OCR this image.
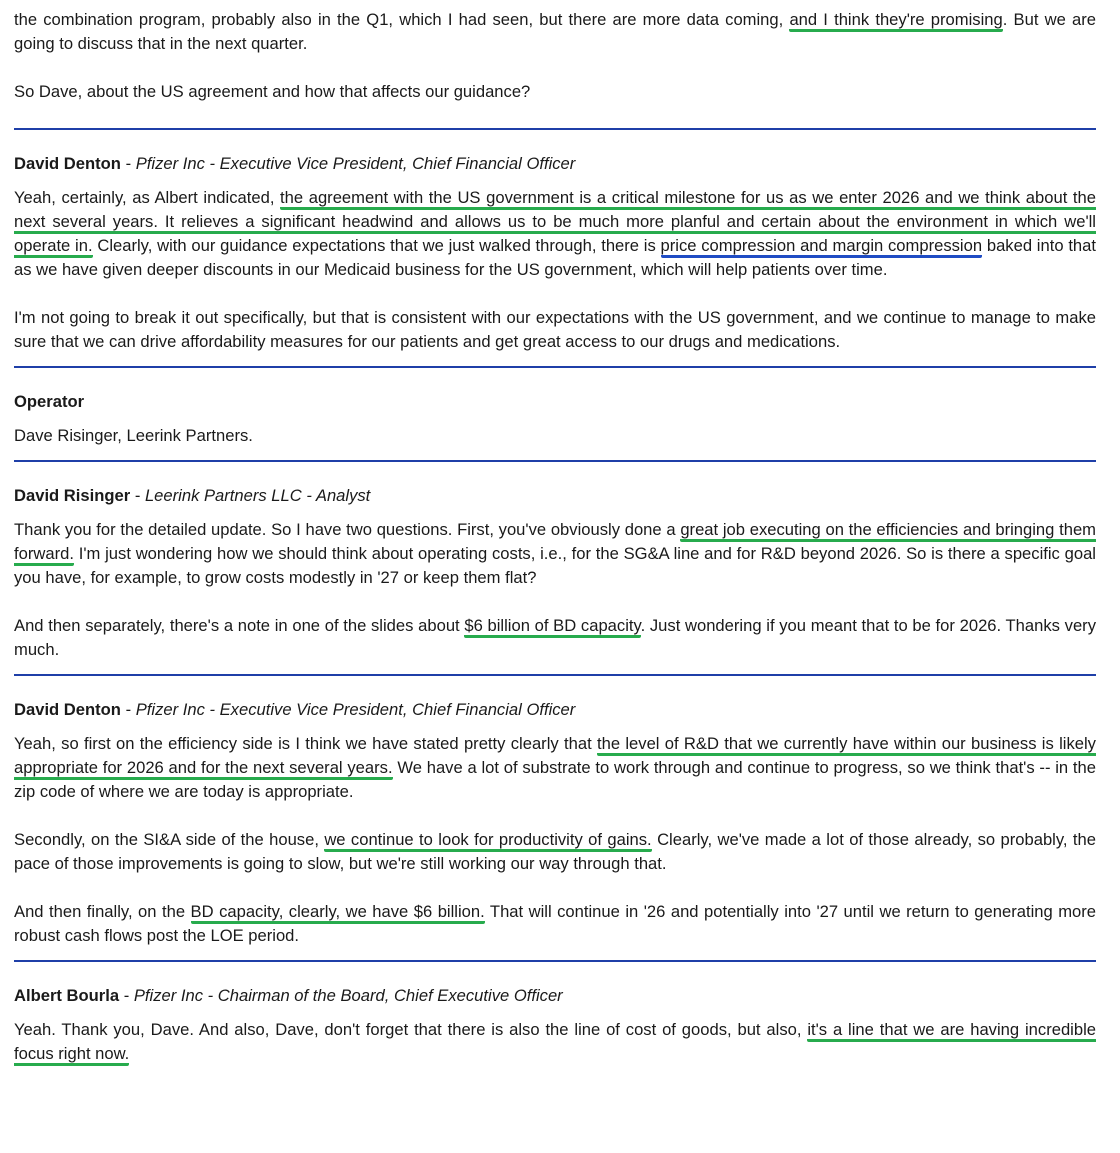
the combination program, probably also in the Q1, which I had seen, but there are more data coming, and I think they're promising. But we are going to discuss that in the next quarter.

So Dave, about the US agreement and how that affects our guidance?

David Denton - Pfizer Inc - Executive Vice President, Chief Financial Officer

Yeah, certainly, as Albert indicated, the agreement with the US government is a critical milestone for us as we enter 2026 and we think about the next several years. It relieves a significant headwind and allows us to be much more planful and certain about the environment in which we'll operate in. Clearly, with our guidance expectations that we just walked through, there is price compression and margin compression baked into that as we have given deeper discounts in our Medicaid business for the US government, which will help patients over time.

I'm not going to break it out specifically, but that is consistent with our expectations with the US government, and we continue to manage to make sure that we can drive affordability measures for our patients and get great access to our drugs and medications.

Operator

Dave Risinger, Leerink Partners.

David Risinger - Leerink Partners LLC - Analyst

Thank you for the detailed update. So I have two questions. First, you've obviously done a great job executing on the efficiencies and bringing them forward. I'm just wondering how we should think about operating costs, i.e., for the SG&A line and for R&D beyond 2026. So is there a specific goal you have, for example, to grow costs modestly in '27 or keep them flat?

And then separately, there's a note in one of the slides about $6 billion of BD capacity. Just wondering if you meant that to be for 2026. Thanks very much.

David Denton - Pfizer Inc - Executive Vice President, Chief Financial Officer

Yeah, so first on the efficiency side is I think we have stated pretty clearly that the level of R&D that we currently have within our business is likely appropriate for 2026 and for the next several years. We have a lot of substrate to work through and continue to progress, so we think that's -- in the zip code of where we are today is appropriate.

Secondly, on the SI&A side of the house, we continue to look for productivity of gains. Clearly, we've made a lot of those already, so probably, the pace of those improvements is going to slow, but we're still working our way through that.

And then finally, on the BD capacity, clearly, we have $6 billion. That will continue in '26 and potentially into '27 until we return to generating more robust cash flows post the LOE period.

Albert Bourla - Pfizer Inc - Chairman of the Board, Chief Executive Officer

Yeah. Thank you, Dave. And also, Dave, don't forget that there is also the line of cost of goods, but also, it's a line that we are having incredible focus right now.
